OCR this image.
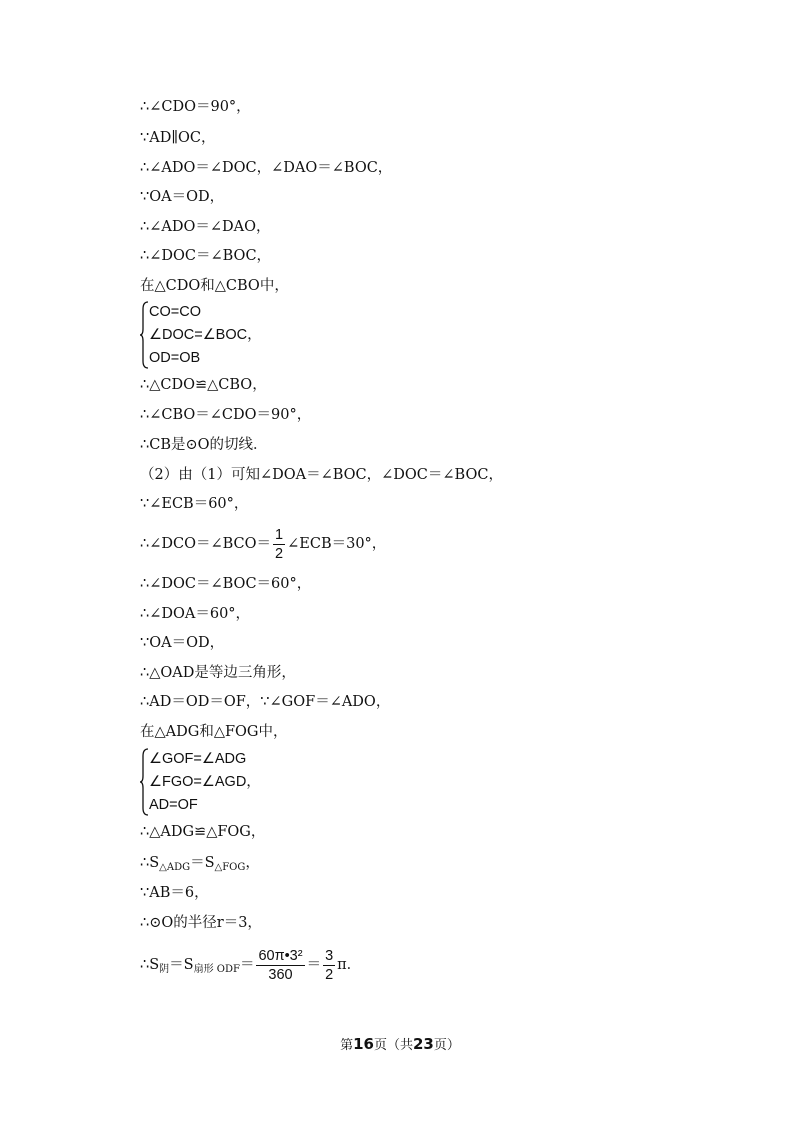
∴∠CDO＝90°，
∵AD∥OC，
∴∠ADO＝∠DOC，∠DAO＝∠BOC，
∵OA＝OD，
∴∠ADO＝∠DAO，
∴∠DOC＝∠BOC，
在△CDO和△CBO中，
CO=CO
∠DOC=∠BOC，
OD=OB
∴△CDO≌△CBO，
∴∠CBO＝∠CDO＝90°，
∴CB是⊙O的切线．
（2）由（1）可知∠DOA＝∠BOC，∠DOC＝∠BOC，
∵∠ECB＝60°，
∴∠DCO＝∠BCO＝ $\frac{1}{2}$ ∠ECB＝30°，
∴∠DOC＝∠BOC＝60°，
∴∠DOA＝60°，
∵OA＝OD，
∴△OAD是等边三角形，
∴AD＝OD＝OF，∵∠GOF＝∠ADO，
在△ADG和△FOG中，
∠GOF=∠ADG
∠FGO=∠AGD，
AD=OF
∴△ADG≌△FOG，
$\therefore S_{\triangle ADG}=S_{\triangle FOG}$，
∵AB＝6，
∴⊙O的半径r＝3，
$\therefore S_阴=S_{扇形 ODF}= \frac{\text{60π•3²}}{360} = \frac{3}{2}$ π．
第16页（共23页）
